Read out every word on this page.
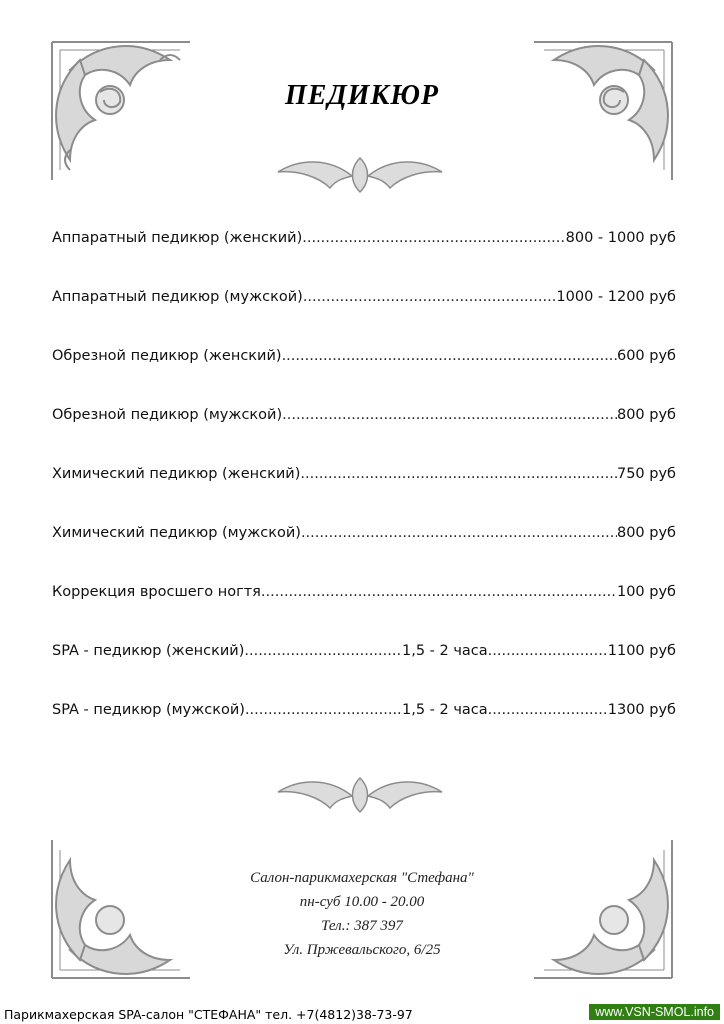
ПЕДИКЮР
Аппаратный педикюр (женский) .....	800 - 1000 руб
Аппаратный педикюр (мужской) .....	1000 - 1200 руб
Обрезной педикюр (женский) .....	600 руб
Обрезной педикюр (мужской) .....	800 руб
Химический педикюр (женский) .....	750 руб
Химический педикюр (мужской) .....	800 руб
Коррекция вросшего ногтя .....	100 руб
SPA - педикюр (женский) .....	1,5 - 2 часа .....	1100 руб
SPA - педикюр (мужской) .....	1,5 - 2 часа .....	1300 руб
Салон-парикмахерская "Стефана"
пн-суб 10.00 - 20.00
Тел.: 387 397
Ул. Пржевальского, 6/25
Парикмахерская SPA-салон "СТЕФАНА" тел. +7(4812)38-73-97	www.VSN-SMOL.info
